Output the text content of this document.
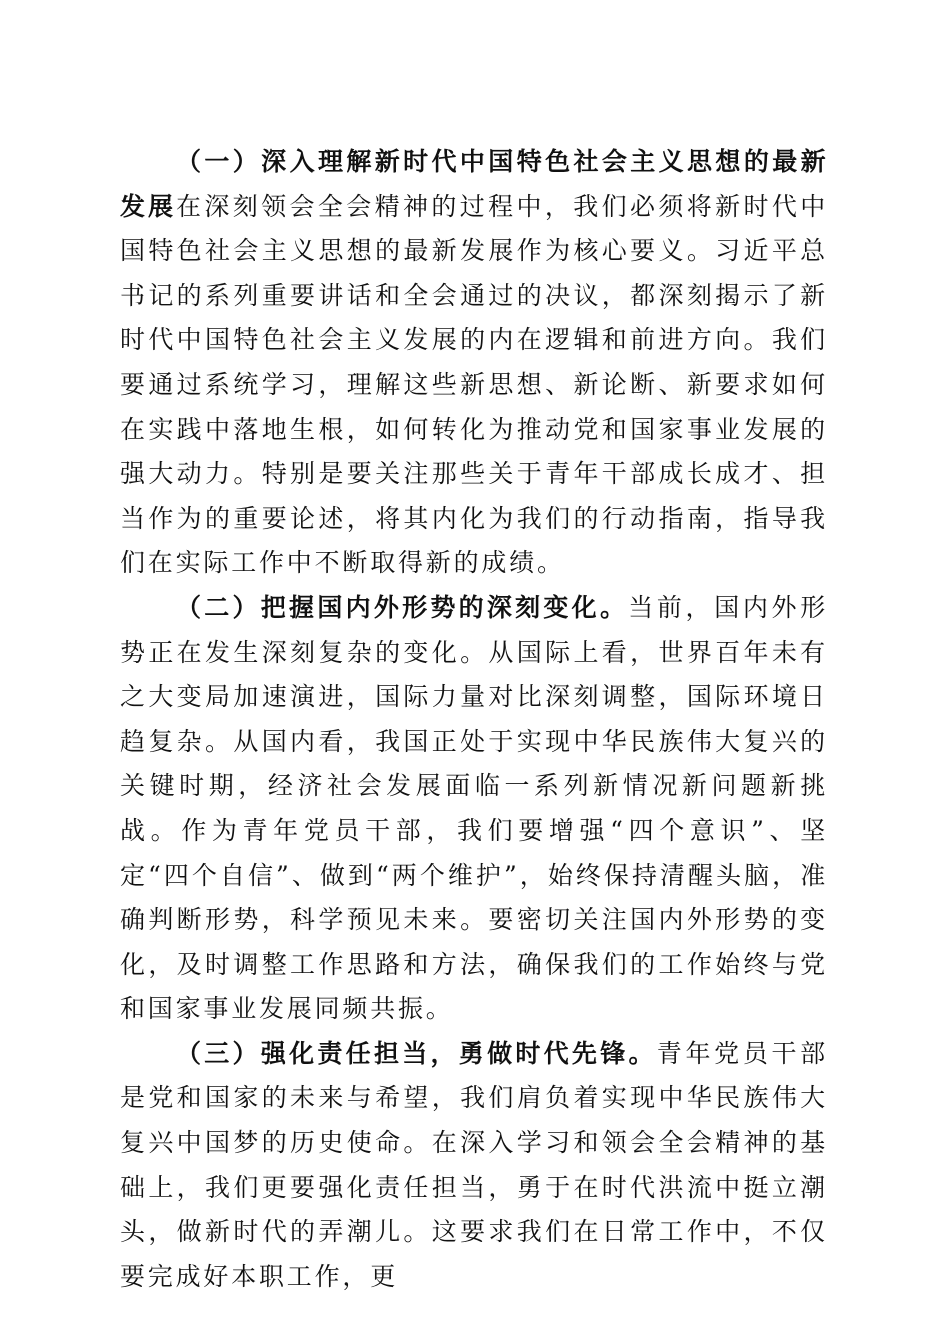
（一）深入理解新时代中国特色社会主义思想的最新发展在深刻领会全会精神的过程中，我们必须将新时代中国特色社会主义思想的最新发展作为核心要义。习近平总书记的系列重要讲话和全会通过的决议，都深刻揭示了新时代中国特色社会主义发展的内在逻辑和前进方向。我们要通过系统学习，理解这些新思想、新论断、新要求如何在实践中落地生根，如何转化为推动党和国家事业发展的强大动力。特别是要关注那些关于青年干部成长成才、担当作为的重要论述，将其内化为我们的行动指南，指导我们在实际工作中不断取得新的成绩。

（二）把握国内外形势的深刻变化。当前，国内外形势正在发生深刻复杂的变化。从国际上看，世界百年未有之大变局加速演进，国际力量对比深刻调整，国际环境日趋复杂。从国内看，我国正处于实现中华民族伟大复兴的关键时期，经济社会发展面临一系列新情况新问题新挑战。作为青年党员干部，我们要增强“四个意识”、坚定“四个自信”、做到“两个维护”，始终保持清醒头脑，准确判断形势，科学预见未来。要密切关注国内外形势的变化，及时调整工作思路和方法，确保我们的工作始终与党和国家事业发展同频共振。

（三）强化责任担当，勇做时代先锋。青年党员干部是党和国家的未来与希望，我们肩负着实现中华民族伟大复兴中国梦的历史使命。在深入学习和领会全会精神的基础上，我们更要强化责任担当，勇于在时代洪流中挺立潮头，做新时代的弄潮儿。这要求我们在日常工作中，不仅要完成好本职工作，更
